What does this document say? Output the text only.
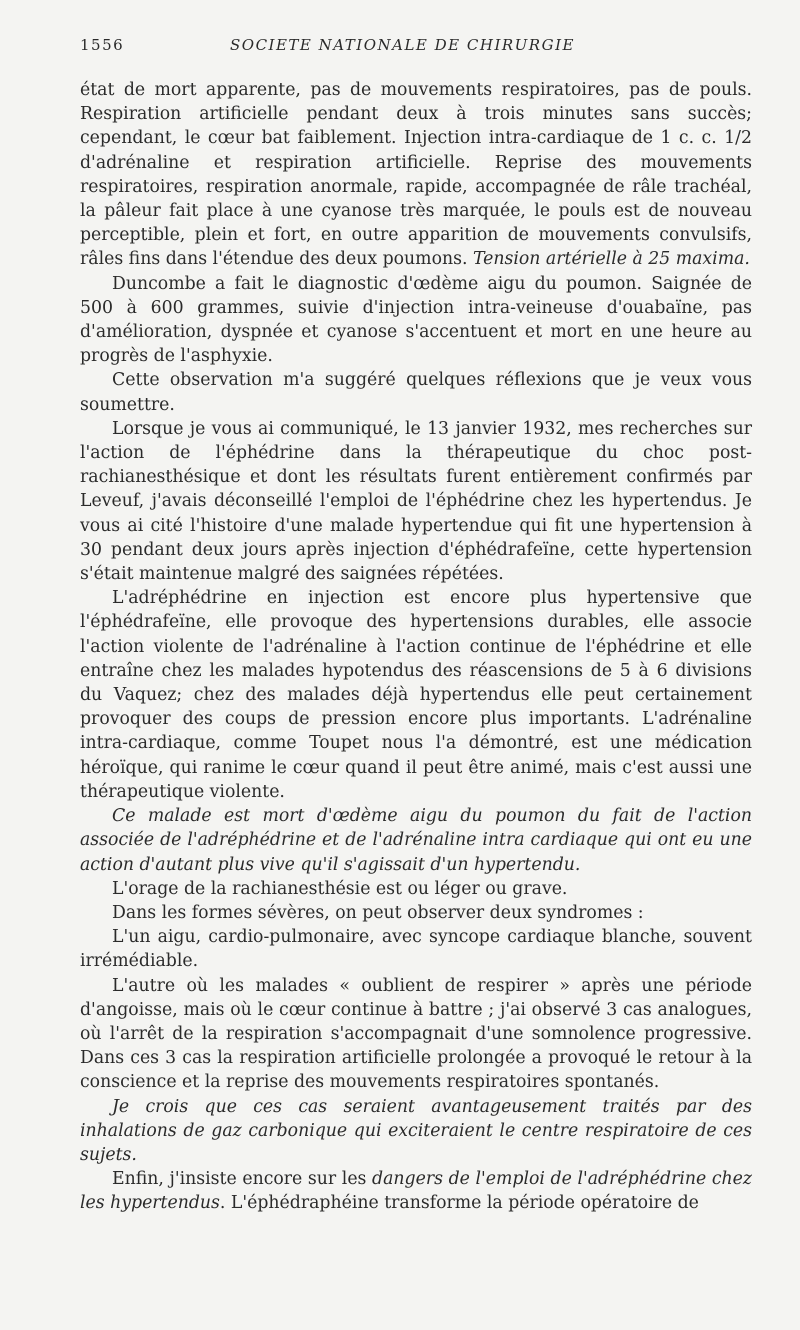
1556	SOCIETE NATIONALE DE CHIRURGIE

état de mort apparente, pas de mouvements respiratoires, pas de pouls. Respiration artificielle pendant deux à trois minutes sans succès; cependant, le cœur bat faiblement. Injection intra-cardiaque de 1 c. c. 1/2 d'adrénaline et respiration artificielle. Reprise des mouvements respiratoires, respiration anormale, rapide, accompagnée de râle trachéal, la pâleur fait place à une cyanose très marquée, le pouls est de nouveau perceptible, plein et fort, en outre apparition de mouvements convulsifs, râles fins dans l'étendue des deux poumons. Tension artérielle à 25 maxima.

Duncombe a fait le diagnostic d'œdème aigu du poumon. Saignée de 500 à 600 grammes, suivie d'injection intra-veineuse d'ouabaïne, pas d'amélioration, dyspnée et cyanose s'accentuent et mort en une heure au progrès de l'asphyxie.

Cette observation m'a suggéré quelques réflexions que je veux vous soumettre.

Lorsque je vous ai communiqué, le 13 janvier 1932, mes recherches sur l'action de l'éphédrine dans la thérapeutique du choc post-rachianesthésique et dont les résultats furent entièrement confirmés par Leveuf, j'avais déconseillé l'emploi de l'éphédrine chez les hypertendus. Je vous ai cité l'histoire d'une malade hypertendue qui fit une hypertension à 30 pendant deux jours après injection d'éphédrafeïne, cette hypertension s'était maintenue malgré des saignées répétées.

L'adréphédrine en injection est encore plus hypertensive que l'éphédrafeïne, elle provoque des hypertensions durables, elle associe l'action violente de l'adrénaline à l'action continue de l'éphédrine et elle entraîne chez les malades hypotendus des réascensions de 5 à 6 divisions du Vaquez; chez des malades déjà hypertendus elle peut certainement provoquer des coups de pression encore plus importants. L'adrénaline intra-cardiaque, comme Toupet nous l'a démontré, est une médication héroïque, qui ranime le cœur quand il peut être animé, mais c'est aussi une thérapeutique violente.

Ce malade est mort d'œdème aigu du poumon du fait de l'action associée de l'adréphédrine et de l'adrénaline intra cardiaque qui ont eu une action d'autant plus vive qu'il s'agissait d'un hypertendu.

L'orage de la rachianesthésie est ou léger ou grave.

Dans les formes sévères, on peut observer deux syndromes :

L'un aigu, cardio-pulmonaire, avec syncope cardiaque blanche, souvent irrémédiable.

L'autre où les malades « oublient de respirer » après une période d'angoisse, mais où le cœur continue à battre ; j'ai observé 3 cas analogues, où l'arrêt de la respiration s'accompagnait d'une somnolence progressive. Dans ces 3 cas la respiration artificielle prolongée a provoqué le retour à la conscience et la reprise des mouvements respiratoires spontanés.

Je crois que ces cas seraient avantageusement traités par des inhalations de gaz carbonique qui exciteraient le centre respiratoire de ces sujets.

Enfin, j'insiste encore sur les dangers de l'emploi de l'adréphédrine chez les hypertendus. L'éphédraphéine transforme la période opératoire de
